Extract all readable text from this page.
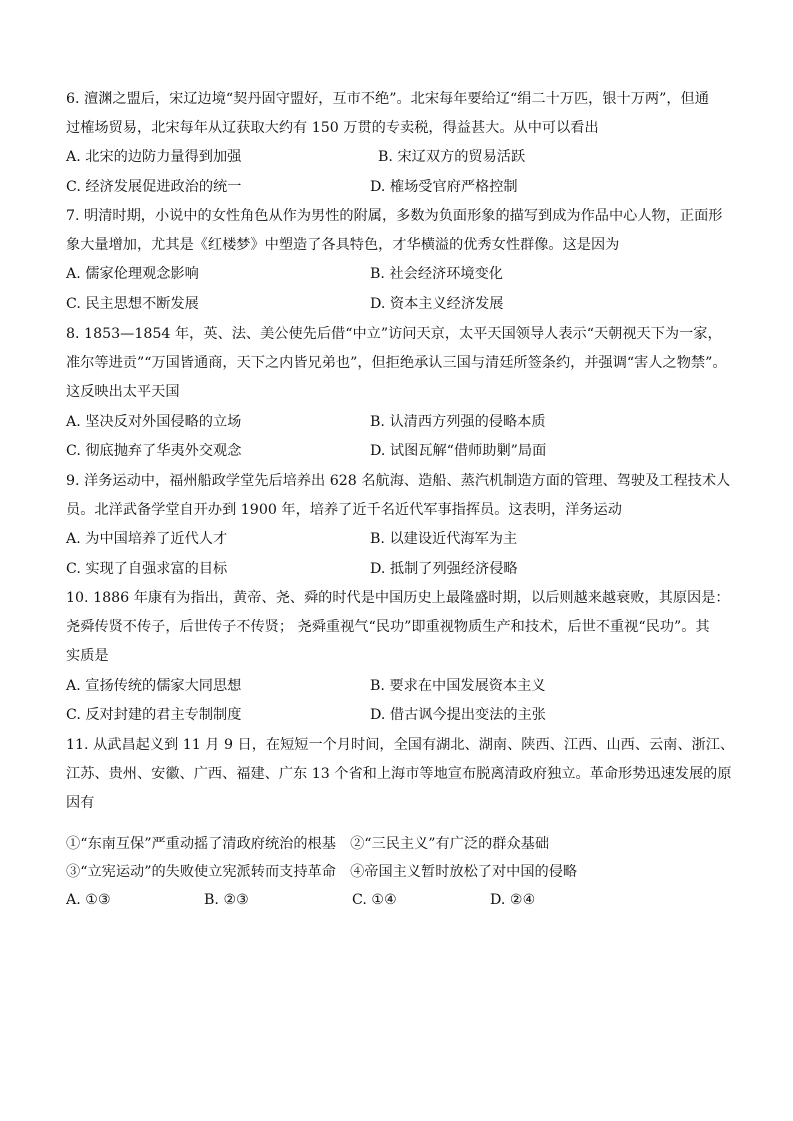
6. 澶渊之盟后，宋辽边境“契丹固守盟好，互市不绝”。北宋每年要给辽“绢二十万匹，银十万两”，但通
过榷场贸易，北宋每年从辽获取大约有 150 万贯的专卖税，得益甚大。从中可以看出
A. 北宋的边防力量得到加强	B. 宋辽双方的贸易活跃
C. 经济发展促进政治的统一	D. 榷场受官府严格控制
7. 明清时期，小说中的女性角色从作为男性的附属，多数为负面形象的描写到成为作品中心人物，正面形
象大量增加，尤其是《红楼梦》中塑造了各具特色，才华横溢的优秀女性群像。这是因为
A. 儒家伦理观念影响	B. 社会经济环境变化
C. 民主思想不断发展	D. 资本主义经济发展
8. 1853—1854 年，英、法、美公使先后借“中立”访问天京，太平天国领导人表示“天朝视天下为一家，
准尔等进贡”“万国皆通商，天下之内皆兄弟也”，但拒绝承认三国与清廷所签条约，并强调“害人之物禁”。
这反映出太平天国
A. 坚决反对外国侵略的立场	B. 认清西方列强的侵略本质
C. 彻底抛弃了华夷外交观念	D. 试图瓦解“借师助剿”局面
9. 洋务运动中，福州船政学堂先后培养出 628 名航海、造船、蒸汽机制造方面的管理、驾驶及工程技术人
员。北洋武备学堂自开办到 1900 年，培养了近千名近代军事指挥员。这表明，洋务运动
A. 为中国培养了近代人才	B. 以建设近代海军为主
C. 实现了自强求富的目标	D. 抵制了列强经济侵略
10. 1886 年康有为指出，黄帝、尧、舜的时代是中国历史上最隆盛时期，以后则越来越衰败，其原因是：
尧舜传贤不传子，后世传子不传贤； 尧舜重视气“民功”即重视物质生产和技术，后世不重视“民功”。其
实质是
A. 宣扬传统的儒家大同思想	B. 要求在中国发展资本主义
C. 反对封建的君主专制制度	D. 借古讽今提出变法的主张
11. 从武昌起义到 11 月 9 日，在短短一个月时间，全国有湖北、湖南、陕西、江西、山西、云南、浙江、
江苏、贵州、安徽、广西、福建、广东 13 个省和上海市等地宣布脱离清政府独立。革命形势迅速发展的原
因有
①“东南互保”严重动摇了清政府统治的根基　②“三民主义”有广泛的群众基础
③“立宪运动”的失败使立宪派转而支持革命　④帝国主义暂时放松了对中国的侵略
A. ①③	B. ②③	C. ①④	D. ②④
